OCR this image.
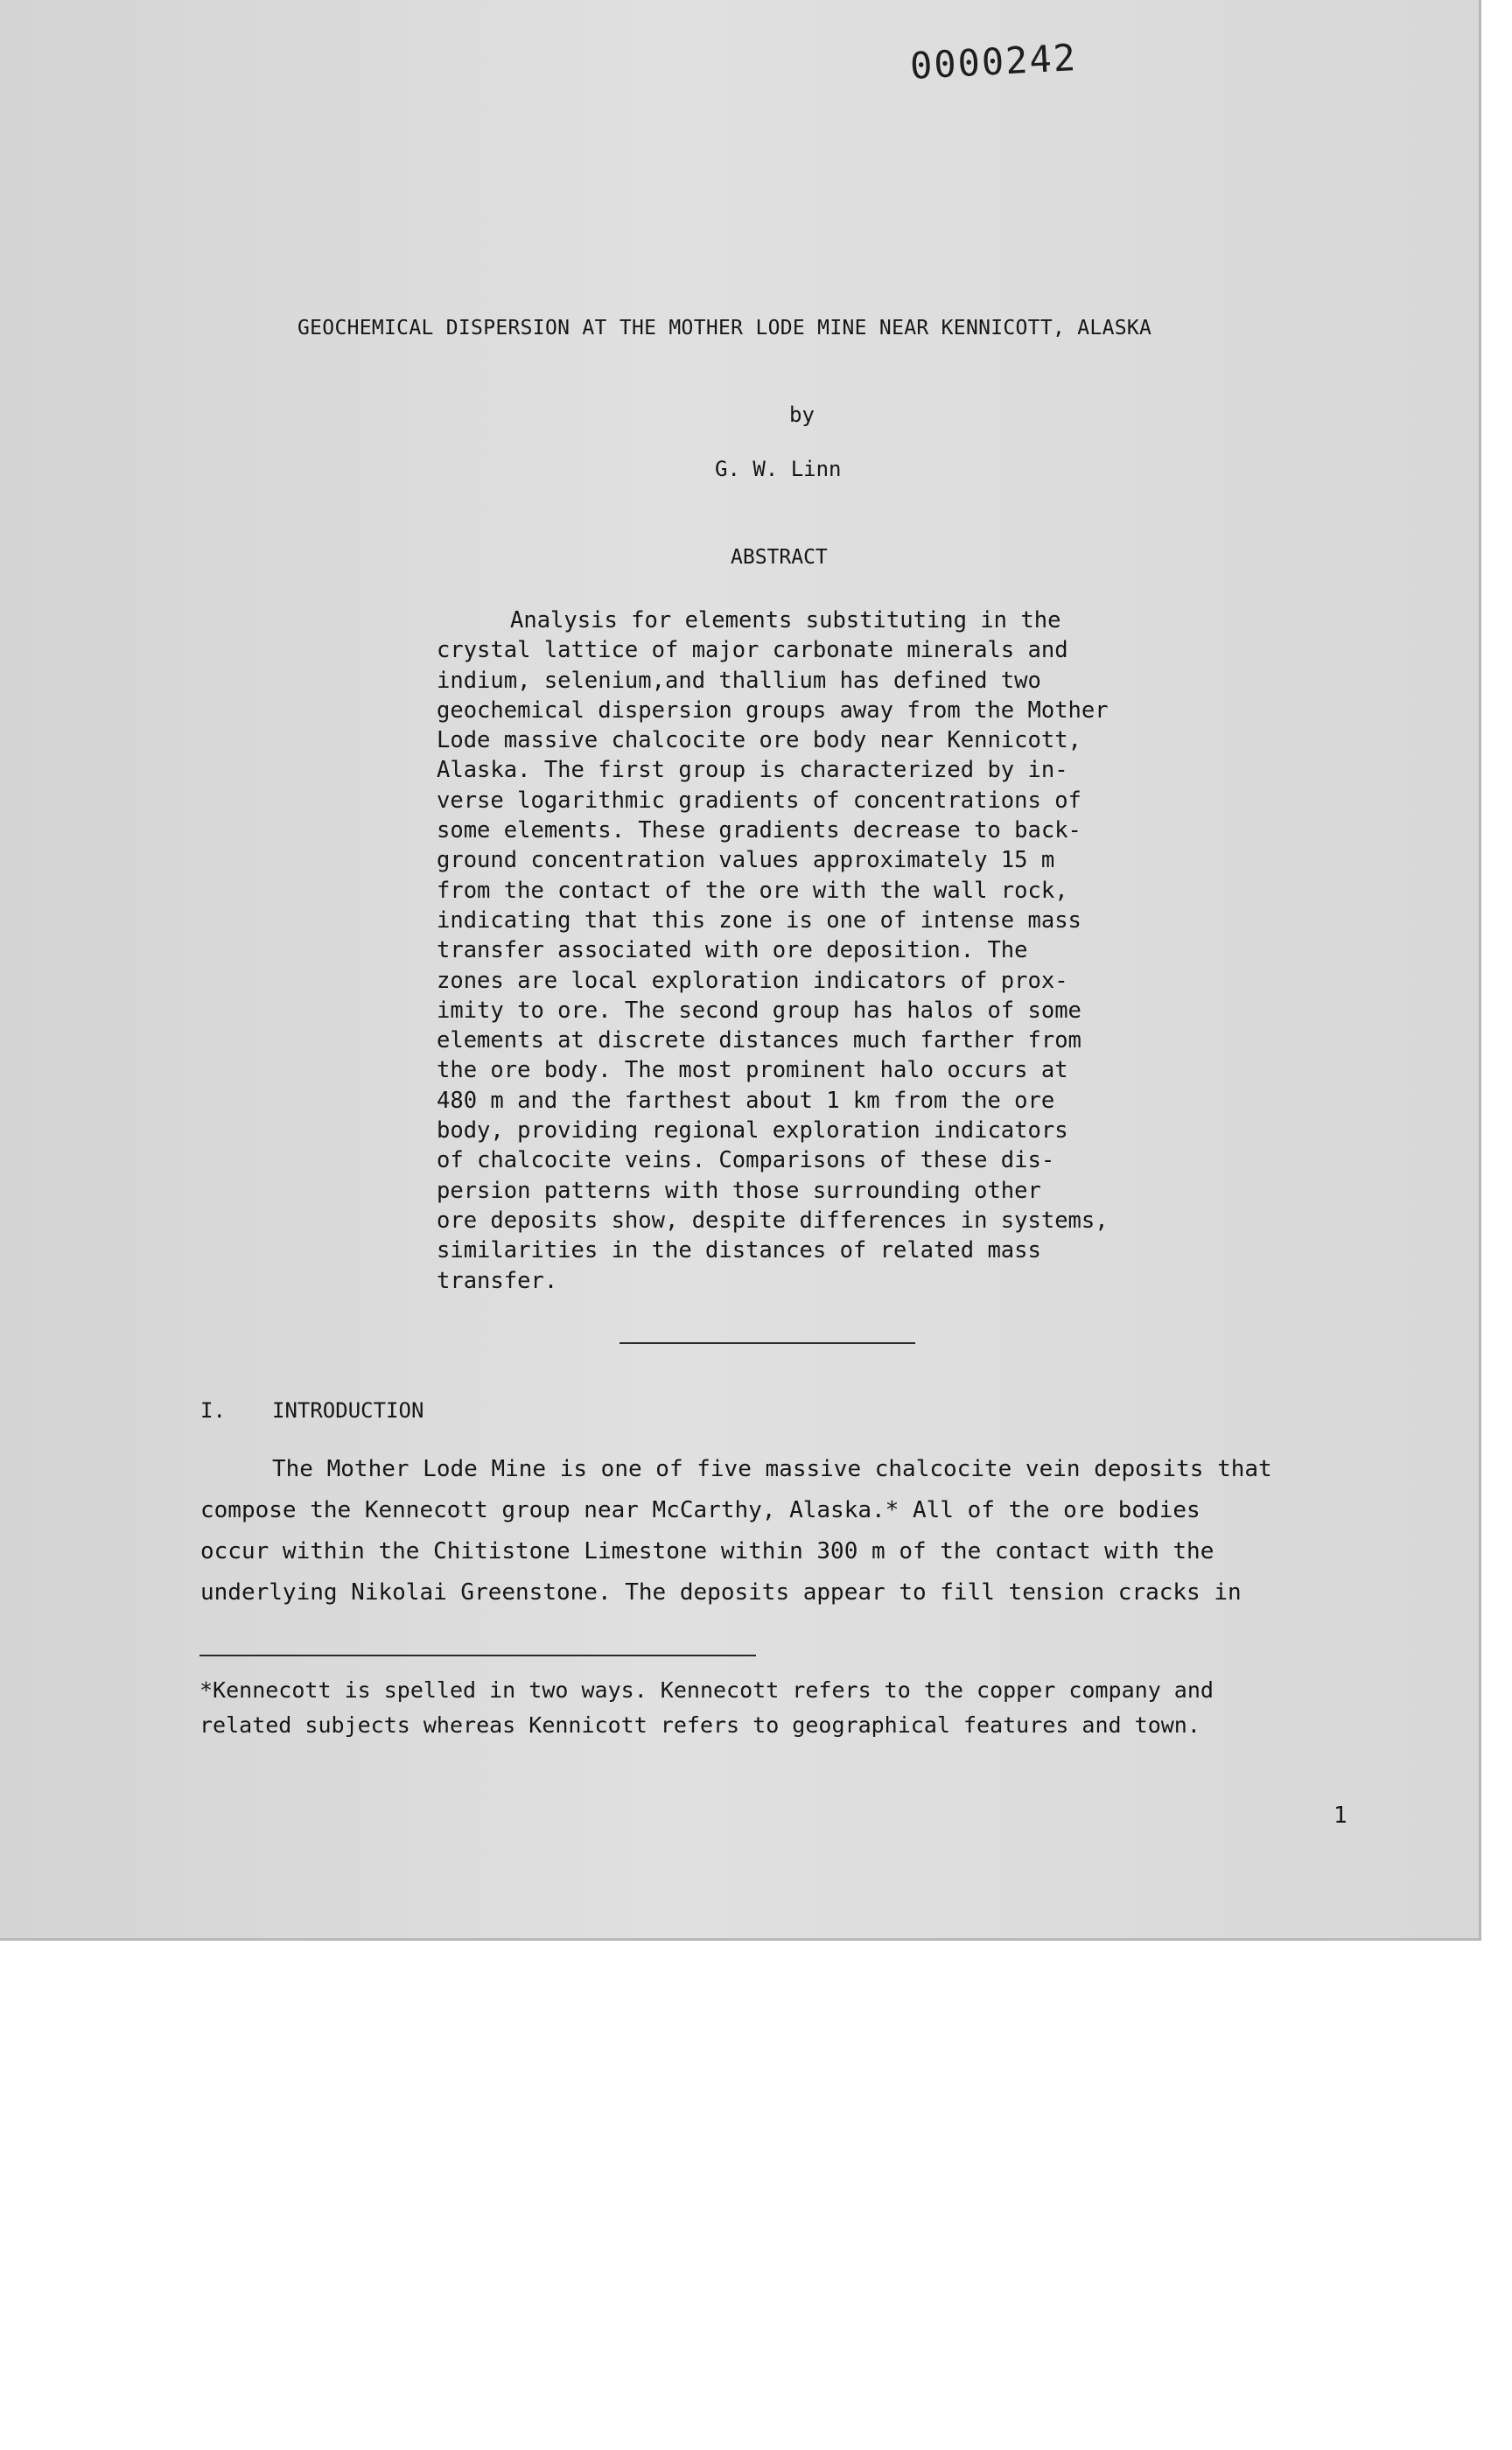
0000242
GEOCHEMICAL DISPERSION AT THE MOTHER LODE MINE NEAR KENNICOTT, ALASKA
by
G. W. Linn
ABSTRACT
Analysis for elements substituting in the
crystal lattice of major carbonate minerals and
indium, selenium,and thallium has defined two
geochemical dispersion groups away from the Mother
Lode massive chalcocite ore body near Kennicott,
Alaska. The first group is characterized by in-
verse logarithmic gradients of concentrations of
some elements. These gradients decrease to back-
ground concentration values approximately 15 m
from the contact of the ore with the wall rock,
indicating that this zone is one of intense mass
transfer associated with ore deposition. The
zones are local exploration indicators of prox-
imity to ore. The second group has halos of some
elements at discrete distances much farther from
the ore body. The most prominent halo occurs at
480 m and the farthest about 1 km from the ore
body, providing regional exploration indicators
of chalcocite veins. Comparisons of these dis-
persion patterns with those surrounding other
ore deposits show, despite differences in systems,
similarities in the distances of related mass
transfer.
I. INTRODUCTION
The Mother Lode Mine is one of five massive chalcocite vein deposits that
compose the Kennecott group near McCarthy, Alaska.* All of the ore bodies
occur within the Chitistone Limestone within 300 m of the contact with the
underlying Nikolai Greenstone. The deposits appear to fill tension cracks in
*Kennecott is spelled in two ways. Kennecott refers to the copper company and
related subjects whereas Kennicott refers to geographical features and town.
1
